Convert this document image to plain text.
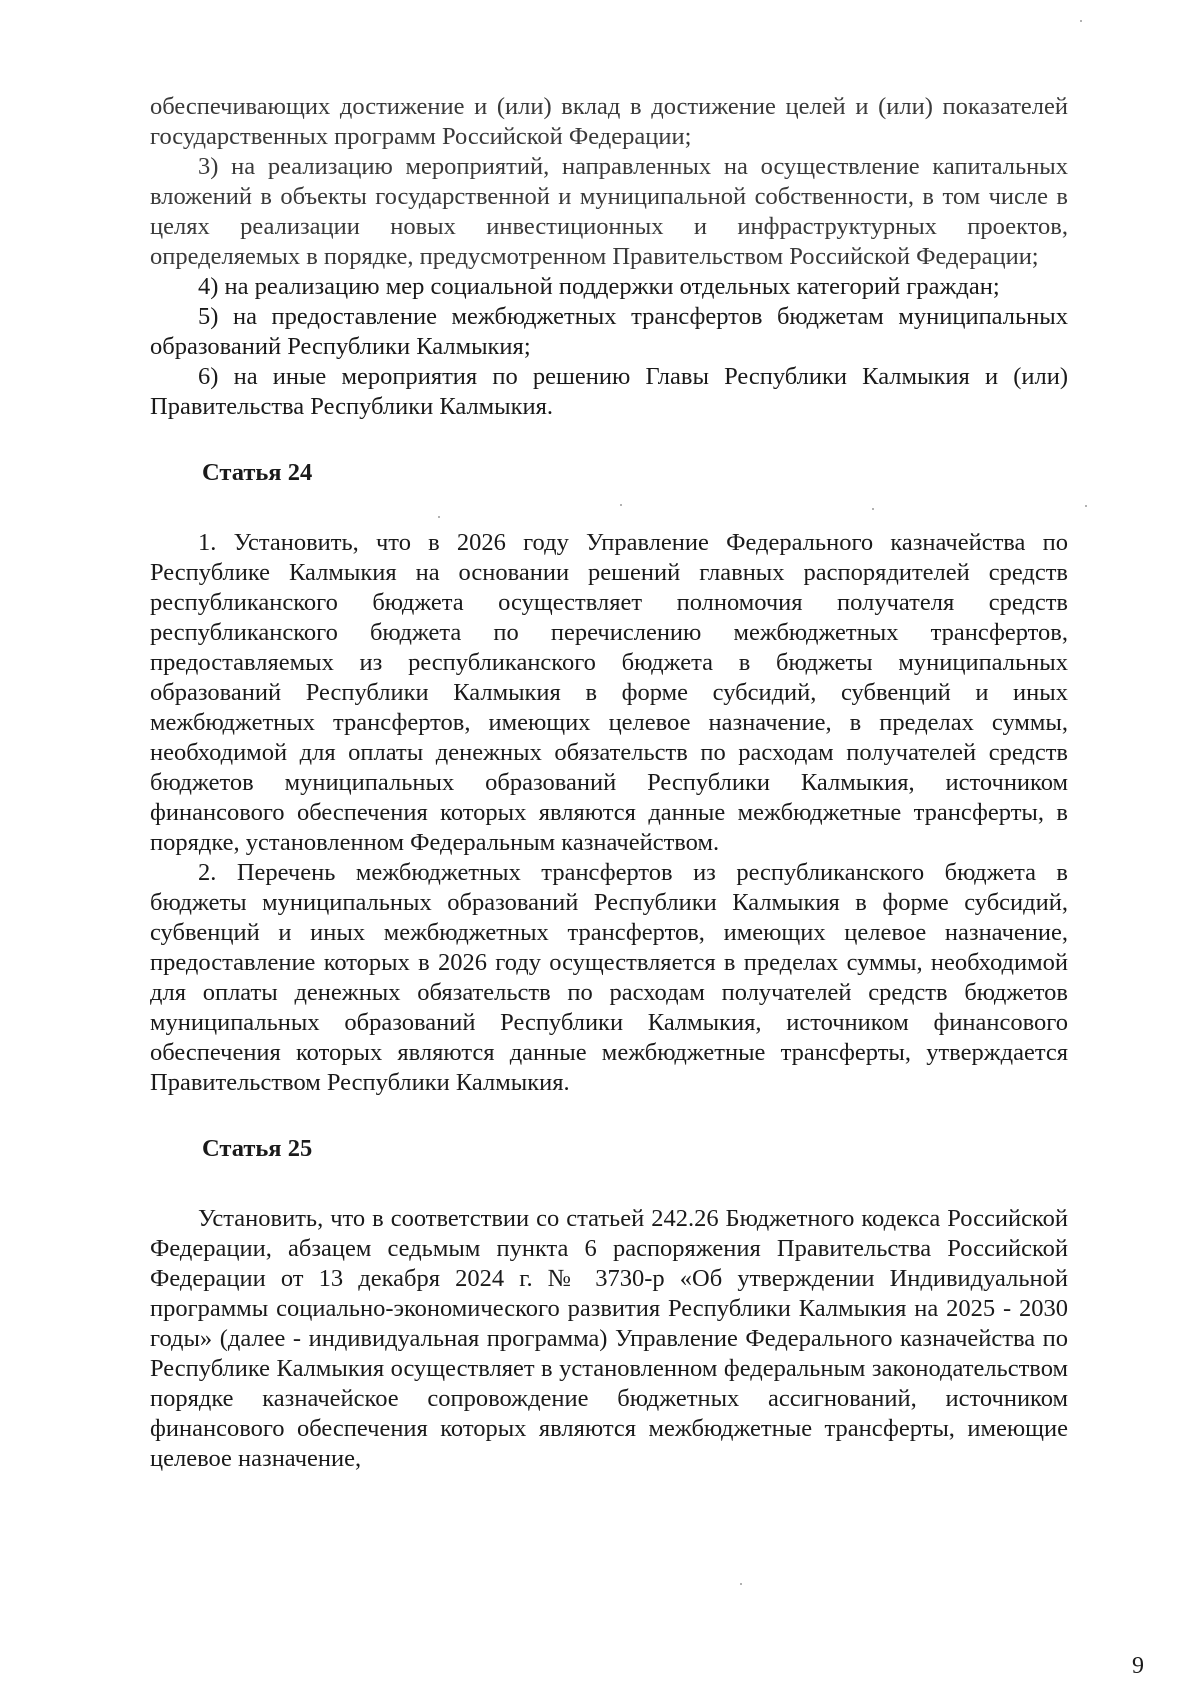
обеспечивающих достижение и (или) вклад в достижение целей и (или) показателей государственных программ Российской Федерации;

3) на реализацию мероприятий, направленных на осуществление капитальных вложений в объекты государственной и муниципальной собственности, в том числе в целях реализации новых инвестиционных и инфраструктурных проектов, определяемых в порядке, предусмотренном Правительством Российской Федерации;

4) на реализацию мер социальной поддержки отдельных категорий граждан;

5) на предоставление межбюджетных трансфертов бюджетам муниципальных образований Республики Калмыкия;

6) на иные мероприятия по решению Главы Республики Калмыкия и (или) Правительства Республики Калмыкия.

Статья 24

1. Установить, что в 2026 году Управление Федерального казначейства по Республике Калмыкия на основании решений главных распорядителей средств республиканского бюджета осуществляет полномочия получателя средств республиканского бюджета по перечислению межбюджетных трансфертов, предоставляемых из республиканского бюджета в бюджеты муниципальных образований Республики Калмыкия в форме субсидий, субвенций и иных межбюджетных трансфертов, имеющих целевое назначение, в пределах суммы, необходимой для оплаты денежных обязательств по расходам получателей средств бюджетов муниципальных образований Республики Калмыкия, источником финансового обеспечения которых являются данные межбюджетные трансферты, в порядке, установленном Федеральным казначейством.

2. Перечень межбюджетных трансфертов из республиканского бюджета в бюджеты муниципальных образований Республики Калмыкия в форме субсидий, субвенций и иных межбюджетных трансфертов, имеющих целевое назначение, предоставление которых в 2026 году осуществляется в пределах суммы, необходимой для оплаты денежных обязательств по расходам получателей средств бюджетов муниципальных образований Республики Калмыкия, источником финансового обеспечения которых являются данные межбюджетные трансферты, утверждается Правительством Республики Калмыкия.

Статья 25

Установить, что в соответствии со статьей 242.26 Бюджетного кодекса Российской Федерации, абзацем седьмым пункта 6 распоряжения Правительства Российской Федерации от 13 декабря 2024 г. № 3730-р «Об утверждении Индивидуальной программы социально-экономического развития Республики Калмыкия на 2025 - 2030 годы» (далее - индивидуальная программа) Управление Федерального казначейства по Республике Калмыкия осуществляет в установленном федеральным законодательством порядке казначейское сопровождение бюджетных ассигнований, источником финансового обеспечения которых являются межбюджетные трансферты, имеющие целевое назначение,

9
